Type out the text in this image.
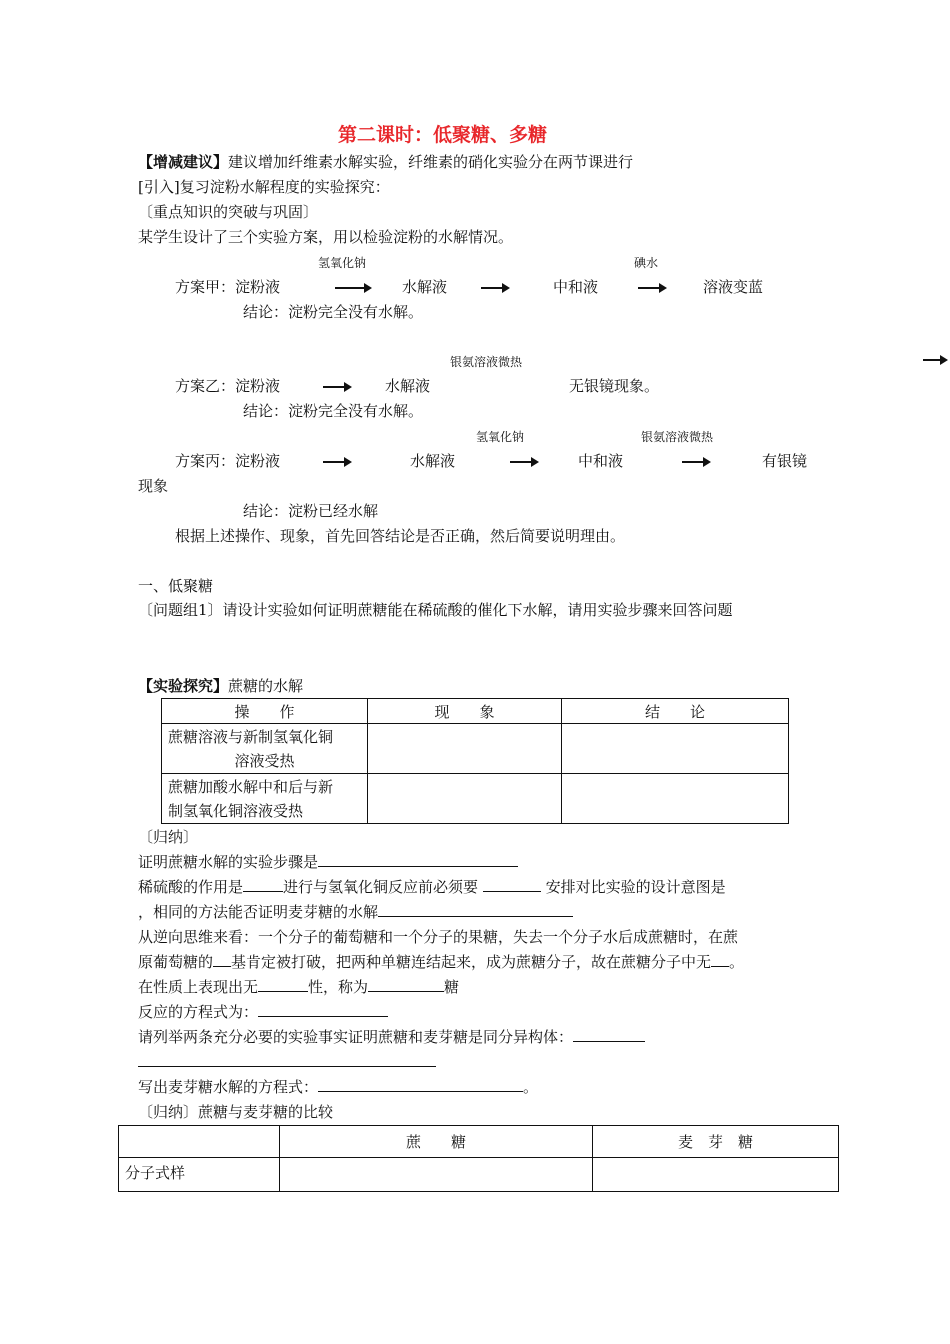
第二课时：低聚糖、多糖
【增减建议】建议增加纤维素水解实验，纤维素的硝化实验分在两节课进行
[引入]复习淀粉水解程度的实验探究：
〔重点知识的突破与巩固〕
某学生设计了三个实验方案，用以检验淀粉的水解情况。
氢氧化钠	碘水
方案甲：淀粉液	水解液	中和液	溶液变蓝
结论：淀粉完全没有水解。
银氨溶液微热
方案乙：淀粉液	水解液	无银镜现象。
结论：淀粉完全没有水解。
氢氧化钠	银氨溶液微热
方案丙：淀粉液	水解液	中和液	有银镜
现象
结论：淀粉已经水解
根据上述操作、现象，首先回答结论是否正确，然后简要说明理由。
一、低聚糖
〔问题组1〕请设计实验如何证明蔗糖能在稀硫酸的催化下水解，请用实验步骤来回答问题
【实验探究】蔗糖的水解
操　　作	现　　象	结　　论

蔗糖溶液与新制氢氧化铜
溶液受热		

蔗糖加酸水解中和后与新
制氢氧化铜溶液受热		

〔归纳〕
证明蔗糖水解的实验步骤是
稀硫酸的作用是	进行与氢氧化铜反应前必须要	安排对比实验的设计意图是
，相同的方法能否证明麦芽糖的水解
从逆向思维来看：一个分子的葡萄糖和一个分子的果糖，失去一个分子水后成蔗糖时，在蔗
原葡萄糖的 基肯定被打破，把两种单糖连结起来，成为蔗糖分子，故在蔗糖分子中无 。
在性质上表现出无	性，称为	糖
反应的方程式为：
请列举两条充分必要的实验事实证明蔗糖和麦芽糖是同分异构体：
写出麦芽糖水解的方程式：	。
〔归纳〕蔗糖与麦芽糖的比较
	蔗　　糖	麦　芽　糖
分子式样		
